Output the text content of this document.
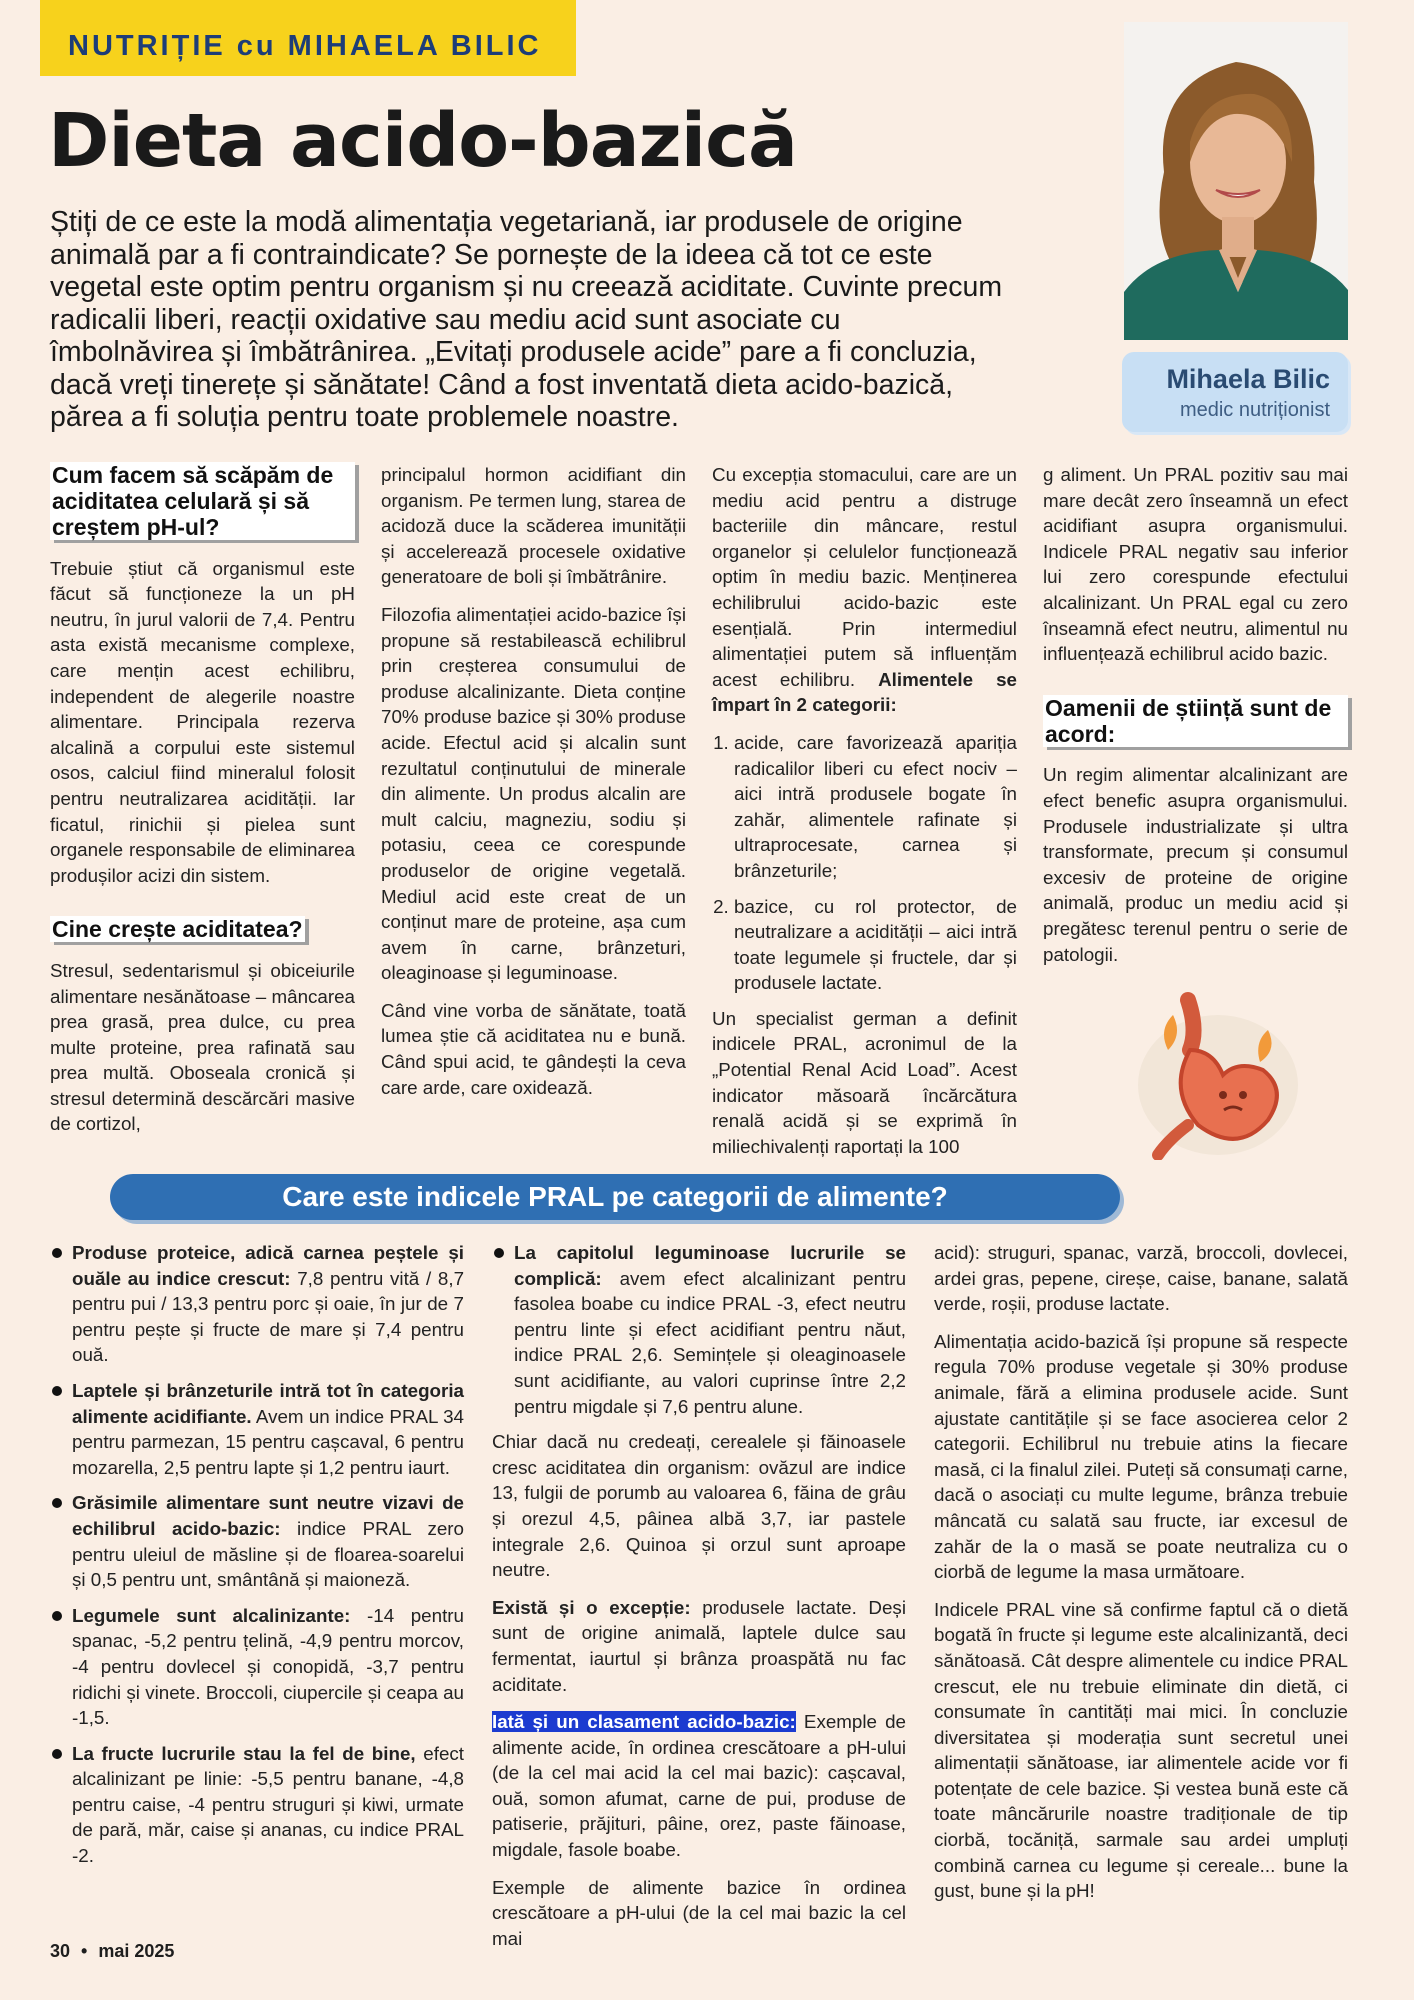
NUTRIȚIE cu MIHAELA BILIC
Dieta acido-bazică
Știți de ce este la modă alimentația vegetariană, iar produsele de origine animală par a fi contraindicate? Se pornește de la ideea că tot ce este vegetal este optim pentru organism și nu creează aciditate. Cuvinte precum radicalii liberi, reacții oxidative sau mediu acid sunt asociate cu îmbolnăvirea și îmbătrânirea. „Evitați produsele acide” pare a fi concluzia, dacă vreți tinerețe și sănătate! Când a fost inventată dieta acido-bazică, părea a fi soluția pentru toate problemele noastre.
Mihaela Bilic
medic nutriționist
Cum facem să scăpăm de aciditatea celulară și să creștem pH-ul?

Trebuie știut că organismul este făcut să funcționeze la un pH neutru, în jurul valorii de 7,4. Pentru asta există mecanisme complexe, care mențin acest echilibru, independent de alegerile noastre alimentare. Principala rezerva alcalină a corpului este sistemul osos, calciul fiind mineralul folosit pentru neutralizarea acidității. Iar ficatul, rinichii și pielea sunt organele responsabile de eliminarea produșilor acizi din sistem.

Cine crește aciditatea?

Stresul, sedentarismul și obiceiurile alimentare nesănătoase – mâncarea prea grasă, prea dulce, cu prea multe proteine, prea rafinată sau prea multă. Oboseala cronică și stresul determină descărcări masive de cortizol,

principalul hormon acidifiant din organism. Pe termen lung, starea de acidoză duce la scăderea imunității și accelerează procesele oxidative generatoare de boli și îmbătrânire.

Filozofia alimentației acido-bazice își propune să restabilească echilibrul prin creșterea consumului de produse alcalinizante. Dieta conține 70% produse bazice și 30% produse acide. Efectul acid și alcalin sunt rezultatul conținutului de minerale din alimente. Un produs alcalin are mult calciu, magneziu, sodiu și potasiu, ceea ce corespunde produselor de origine vegetală. Mediul acid este creat de un conținut mare de proteine, așa cum avem în carne, brânzeturi, oleaginoase și leguminoase.

Când vine vorba de sănătate, toată lumea știe că aciditatea nu e bună. Când spui acid, te gândești la ceva care arde, care oxidează.

Cu excepția stomacului, care are un mediu acid pentru a distruge bacteriile din mâncare, restul organelor și celulelor funcționează optim în mediu bazic. Menținerea echilibrului acido-bazic este esențială. Prin intermediul alimentației putem să influențăm acest echilibru. Alimentele se împart în 2 categorii:

1. acide, care favorizează apariția radicalilor liberi cu efect nociv – aici intră produsele bogate în zahăr, alimentele rafinate și ultraprocesate, carnea și brânzeturile;
2. bazice, cu rol protector, de neutralizare a acidității – aici intră toate legumele și fructele, dar și produsele lactate.

Un specialist german a definit indicele PRAL, acronimul de la „Potential Renal Acid Load”. Acest indicator măsoară încărcătura renală acidă și se exprimă în miliechivalenți raportați la 100

g aliment. Un PRAL pozitiv sau mai mare decât zero înseamnă un efect acidifiant asupra organismului. Indicele PRAL negativ sau inferior lui zero corespunde efectului alcalinizant. Un PRAL egal cu zero înseamnă efect neutru, alimentul nu influențează echilibrul acido bazic.

Oamenii de știință sunt de acord:

Un regim alimentar alcalinizant are efect benefic asupra organismului. Produsele industrializate și ultra transformate, precum și consumul excesiv de proteine de origine animală, produc un mediu acid și pregătesc terenul pentru o serie de patologii.

Care este indicele PRAL pe categorii de alimente?
Produse proteice, adică carnea peștele și ouăle au indice crescut: 7,8 pentru vită / 8,7 pentru pui / 13,3 pentru porc și oaie, în jur de 7 pentru pește și fructe de mare și 7,4 pentru ouă.
Laptele și brânzeturile intră tot în categoria alimente acidifiante. Avem un indice PRAL 34 pentru parmezan, 15 pentru cașcaval, 6 pentru mozarella, 2,5 pentru lapte și 1,2 pentru iaurt.
Grăsimile alimentare sunt neutre vizavi de echilibrul acido-bazic: indice PRAL zero pentru uleiul de măsline și de floarea-soarelui și 0,5 pentru unt, smântână și maioneză.
Legumele sunt alcalinizante: -14 pentru spanac, -5,2 pentru țelină, -4,9 pentru morcov, -4 pentru dovlecel și conopidă, -3,7 pentru ridichi și vinete. Broccoli, ciupercile și ceapa au -1,5.
La fructe lucrurile stau la fel de bine, efect alcalinizant pe linie: -5,5 pentru banane, -4,8 pentru caise, -4 pentru struguri și kiwi, urmate de pară, măr, caise și ananas, cu indice PRAL -2.
La capitolul leguminoase lucrurile se complică: avem efect alcalinizant pentru fasolea boabe cu indice PRAL -3, efect neutru pentru linte și efect acidifiant pentru năut, indice PRAL 2,6. Semințele și oleaginoasele sunt acidifiante, au valori cuprinse între 2,2 pentru migdale și 7,6 pentru alune.

Chiar dacă nu credeați, cerealele și făinoasele cresc aciditatea din organism: ovăzul are indice 13, fulgii de porumb au valoarea 6, făina de grâu și orezul 4,5, pâinea albă 3,7, iar pastele integrale 2,6. Quinoa și orzul sunt aproape neutre.

Există și o excepție: produsele lactate. Deși sunt de origine animală, laptele dulce sau fermentat, iaurtul și brânza proaspătă nu fac aciditate.

Iată și un clasament acido-bazic: Exemple de alimente acide, în ordinea crescătoare a pH-ului (de la cel mai acid la cel mai bazic): cașcaval, ouă, somon afumat, carne de pui, produse de patiserie, prăjituri, pâine, orez, paste făinoase, migdale, fasole boabe.

Exemple de alimente bazice în ordinea crescătoare a pH-ului (de la cel mai bazic la cel mai

acid): struguri, spanac, varză, broccoli, dovlecei, ardei gras, pepene, cireșe, caise, banane, salată verde, roșii, produse lactate.

Alimentația acido-bazică își propune să respecte regula 70% produse vegetale și 30% produse animale, fără a elimina produsele acide. Sunt ajustate cantitățile și se face asocierea celor 2 categorii. Echilibrul nu trebuie atins la fiecare masă, ci la finalul zilei. Puteți să consumați carne, dacă o asociați cu multe legume, brânza trebuie mâncată cu salată sau fructe, iar excesul de zahăr de la o masă se poate neutraliza cu o ciorbă de legume la masa următoare.

Indicele PRAL vine să confirme faptul că o dietă bogată în fructe și legume este alcalinizantă, deci sănătoasă. Cât despre alimentele cu indice PRAL crescut, ele nu trebuie eliminate din dietă, ci consumate în cantități mai mici. În concluzie diversitatea și moderația sunt secretul unei alimentații sănătoase, iar alimentele acide vor fi potențate de cele bazice. Și vestea bună este că toate mâncărurile noastre tradiționale de tip ciorbă, tocăniță, sarmale sau ardei umpluți combină carnea cu legume și cereale... bune la gust, bune și la pH!

30 • mai 2025
